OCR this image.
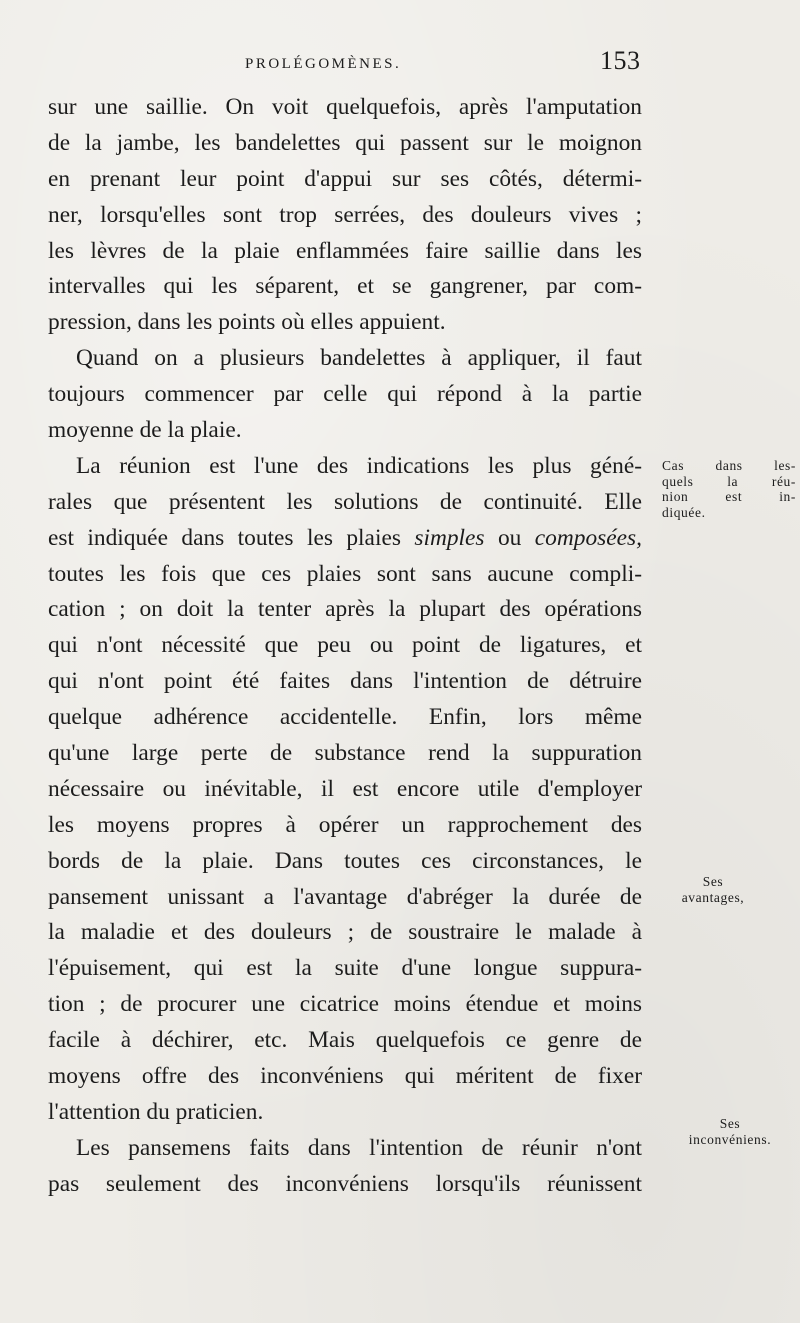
PROLÉGOMÈNES.	153
sur une saillie. On voit quelquefois, après l'amputation
de la jambe, les bandelettes qui passent sur le moignon
en prenant leur point d'appui sur ses côtés, détermi-
ner, lorsqu'elles sont trop serrées, des douleurs vives ;
les lèvres de la plaie enflammées faire saillie dans les
intervalles qui les séparent, et se gangrener, par com-
pression, dans les points où elles appuient.
Quand on a plusieurs bandelettes à appliquer, il faut
toujours commencer par celle qui répond à la partie
moyenne de la plaie.
La réunion est l'une des indications les plus géné-
rales que présentent les solutions de continuité. Elle
est indiquée dans toutes les plaies simples ou composées,
toutes les fois que ces plaies sont sans aucune compli-
cation ; on doit la tenter après la plupart des opérations
qui n'ont nécessité que peu ou point de ligatures, et
qui n'ont point été faites dans l'intention de détruire
quelque adhérence accidentelle. Enfin, lors même
qu'une large perte de substance rend la suppuration
nécessaire ou inévitable, il est encore utile d'employer
les moyens propres à opérer un rapprochement des
bords de la plaie. Dans toutes ces circonstances, le
pansement unissant a l'avantage d'abréger la durée de
la maladie et des douleurs ; de soustraire le malade à
l'épuisement, qui est la suite d'une longue suppura-
tion ; de procurer une cicatrice moins étendue et moins
facile à déchirer, etc. Mais quelquefois ce genre de
moyens offre des inconvéniens qui méritent de fixer
l'attention du praticien.
Les pansemens faits dans l'intention de réunir n'ont
pas seulement des inconvéniens lorsqu'ils réunissent
Cas dans les-
quels la réu-
nion est in-
diquée.
Ses
avantages,
Ses
inconvéniens.
